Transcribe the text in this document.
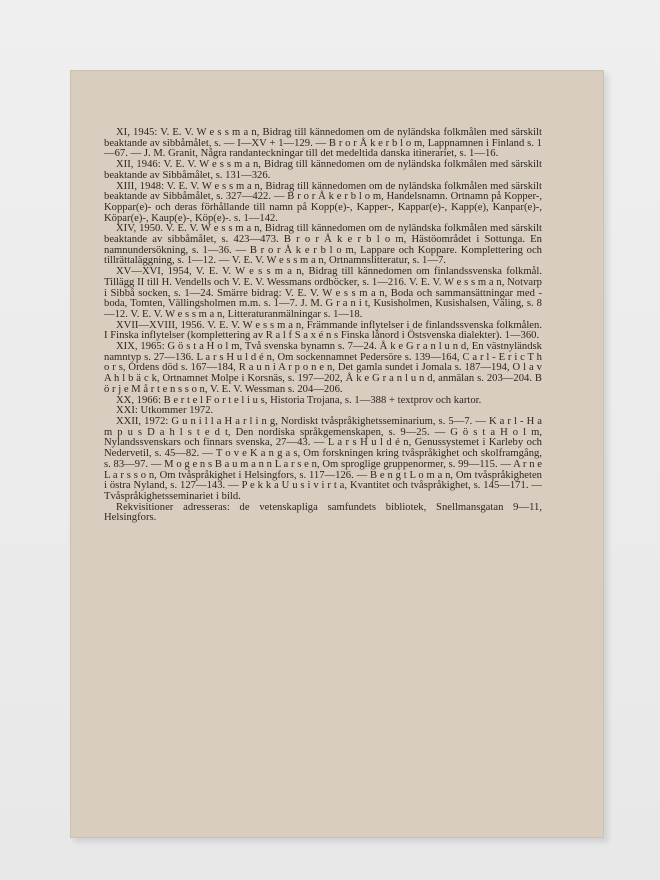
XI, 1945: V. E. V. W e s s m a n, Bidrag till kännedomen om de nyländska folkmålen med särskilt beaktande av sibbåmålet, s. — I—XV + 1—129. — B r o r Å k e r b l o m, Lappnamnen i Finland s. 1—67. — J. M. Granit, Några randanteckningar till det medeltida danska itinerariet, s. 1—16.

XII, 1946: V. E. V. W e s s m a n, Bidrag till kännedomen om de nyländska folkmålen med särskilt beaktande av Sibbåmålet, s. 131—326.

XIII, 1948: V. E. V. W e s s m a n, Bidrag till kännedomen om de nyländska folkmålen med särskilt beaktande av Sibbåmålet, s. 327—422. — B r o r Å k e r b l o m, Handelsnamn. Ortnamn på Kopper-, Koppar(e)- och deras förhållande till namn på Kopp(e)-, Kapper-, Kappar(e)-, Kapp(e), Kanpar(e)-, Köpar(e)-, Kaup(e)-, Köp(e)-. s. 1—142.

XIV, 1950. V. E. V. W e s s m a n, Bidrag till kännedomen om de nyländska folkmålen med särskilt beaktande av sibbåmålet, s. 423—473. B r o r Å k e r b l o m, Hästöområdet i Sottunga. En namnundersökning, s. 1—36. — B r o r Å k e r b l o m, Lappare och Koppare. Komplettering och tillrättaläggning, s. 1—12. — V. E. V. W e s s m a n, Ortnamnslitteratur, s. 1—7.

XV—XVI, 1954, V. E. V. W e s s m a n, Bidrag till kännedomen om finlandssvenska folkmål. Tillägg II till H. Vendells och V. E. V. Wessmans ordböcker, s. 1—216. V. E. V. W e s s m a n, Notvarp i Sibbå socken, s. 1—24. Smärre bidrag: V. E. V. W e s s m a n, Boda och sammansättningar med -boda, Tomten, Vällingsholmen m.m. s. 1—7. J. M. G r a n i t, Kusisholmen, Kusishalsen, Väling, s. 8—12. V. E. V. W e s s m a n, Litteraturanmälningar s. 1—18.

XVII—XVIII, 1956. V. E. V. W e s s m a n, Främmande inflytelser i de finlandssvenska folkmålen. I Finska inflytelser (komplettering av R a l f S a x é n s Finska lånord i Östsvenska dialekter). 1—360.

XIX, 1965: G ö s t a H o l m, Två svenska bynamn s. 7—24. Å k e G r a n l u n d, En västnyländsk namntyp s. 27—136. L a r s H u l d é n, Om sockennamnet Pedersöre s. 139—164, C a r l - E r i c T h o r s, Ordens död s. 167—184, R a u n i A r p o n e n, Det gamla sundet i Jomala s. 187—194, O l a v A h l b ä c k, Ortnamnet Molpe i Korsnäs, s. 197—202, Å k e G r a n l u n d, anmälan s. 203—204. B ö r j e M å r t e n s s o n, V. E. V. Wessman s. 204—206.

XX, 1966: B e r t e l F o r t e l i u s, Historia Trojana, s. 1—388 + textprov och kartor.

XXI: Utkommer 1972.

XXII, 1972: G u n i l l a H a r l i n g, Nordiskt tvåspråkighetsseminarium, s. 5—7. — K a r l - H a m p u s D a h l s t e d t, Den nordiska språkgemenskapen, s. 9—25. — G ö s t a H o l m, Nylandssvenskars och finnars svenska, 27—43. — L a r s H u l d é n, Genussystemet i Karleby och Nedervetil, s. 45—82. — T o v e K a n g a s, Om forskningen kring tvåspråkighet och skolframgång, s. 83—97. — M o g e n s B a u m a n n L a r s e n, Om sproglige gruppenormer, s. 99—115. — A r n e L a r s s o n, Om tvåspråkighet i Helsingfors, s. 117—126. — B e n g t L o m a n, Om tvåspråkigheten i östra Nyland, s. 127—143. — P e k k a U u s i v i r t a, Kvantitet och tvåspråkighet, s. 145—171. — Tvåspråkighetsseminariet i bild.

Rekvisitioner adresseras: de vetenskapliga samfundets bibliotek, Snellmansgatan 9—11, Helsingfors.
